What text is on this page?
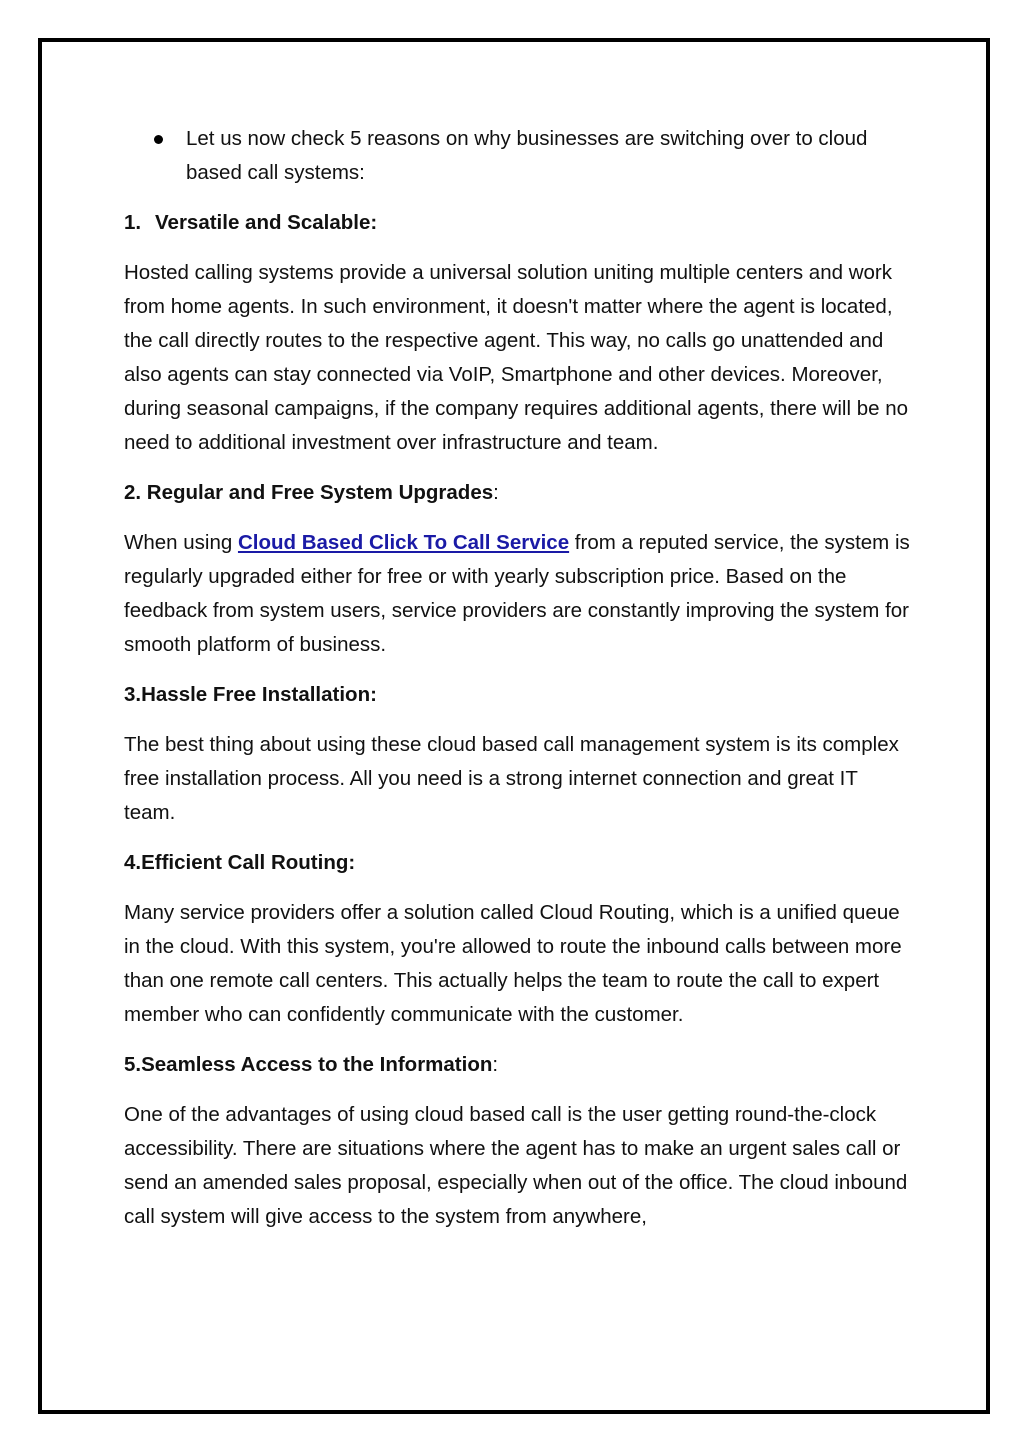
Let us now check 5 reasons on why businesses are switching over to cloud based call systems:
1. Versatile and Scalable:

Hosted calling systems provide a universal solution uniting multiple centers and work from home agents. In such environment, it doesn't matter where the agent is located, the call directly routes to the respective agent. This way, no calls go unattended and also agents can stay connected via VoIP, Smartphone and other devices. Moreover, during seasonal campaigns, if the company requires additional agents, there will be no need to additional investment over infrastructure and team.

2. Regular and Free System Upgrades:

When using Cloud Based Click To Call Service from a reputed service, the system is regularly upgraded either for free or with yearly subscription price. Based on the feedback from system users, service providers are constantly improving the system for smooth platform of business.

3.Hassle Free Installation:

The best thing about using these cloud based call management system is its complex free installation process. All you need is a strong internet connection and great IT team.

4.Efficient Call Routing:

Many service providers offer a solution called Cloud Routing, which is a unified queue in the cloud. With this system, you're allowed to route the inbound calls between more than one remote call centers. This actually helps the team to route the call to expert member who can confidently communicate with the customer.

5.Seamless Access to the Information:

One of the advantages of using cloud based call is the user getting round-the-clock accessibility. There are situations where the agent has to make an urgent sales call or send an amended sales proposal, especially when out of the office. The cloud inbound call system will give access to the system from anywhere,
